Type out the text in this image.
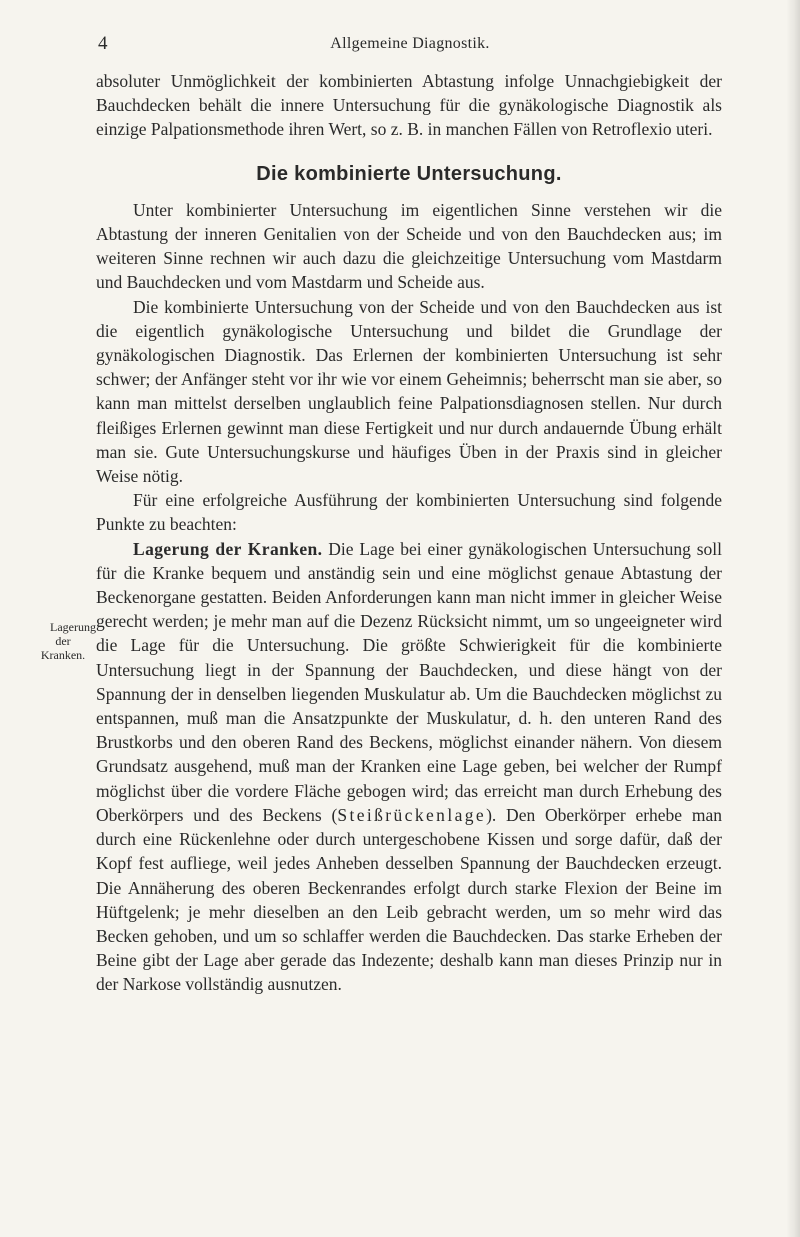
4	Allgemeine Diagnostik.
Lagerung
der
Kranken.

absoluter Unmöglichkeit der kombinierten Abtastung infolge Unnachgiebigkeit der Bauchdecken behält die innere Untersuchung für die gynäkologische Diagnostik als einzige Palpationsmethode ihren Wert, so z. B. in manchen Fällen von Retroflexio uteri.

Die kombinierte Untersuchung.

Unter kombinierter Untersuchung im eigentlichen Sinne verstehen wir die Abtastung der inneren Genitalien von der Scheide und von den Bauchdecken aus; im weiteren Sinne rechnen wir auch dazu die gleichzeitige Untersuchung vom Mastdarm und Bauchdecken und vom Mastdarm und Scheide aus.

Die kombinierte Untersuchung von der Scheide und von den Bauchdecken aus ist die eigentlich gynäkologische Untersuchung und bildet die Grundlage der gynäkologischen Diagnostik. Das Erlernen der kombinierten Untersuchung ist sehr schwer; der Anfänger steht vor ihr wie vor einem Geheimnis; beherrscht man sie aber, so kann man mittelst derselben unglaublich feine Palpationsdiagnosen stellen. Nur durch fleißiges Erlernen gewinnt man diese Fertigkeit und nur durch andauernde Übung erhält man sie. Gute Untersuchungskurse und häufiges Üben in der Praxis sind in gleicher Weise nötig.

Für eine erfolgreiche Ausführung der kombinierten Untersuchung sind folgende Punkte zu beachten:

Lagerung der Kranken. Die Lage bei einer gynäkologischen Untersuchung soll für die Kranke bequem und anständig sein und eine möglichst genaue Abtastung der Beckenorgane gestatten. Beiden Anforderungen kann man nicht immer in gleicher Weise gerecht werden; je mehr man auf die Dezenz Rücksicht nimmt, um so ungeeigneter wird die Lage für die Untersuchung. Die größte Schwierigkeit für die kombinierte Untersuchung liegt in der Spannung der Bauchdecken, und diese hängt von der Spannung der in denselben liegenden Muskulatur ab. Um die Bauchdecken möglichst zu entspannen, muß man die Ansatzpunkte der Muskulatur, d. h. den unteren Rand des Brustkorbs und den oberen Rand des Beckens, möglichst einander nähern. Von diesem Grundsatz ausgehend, muß man der Kranken eine Lage geben, bei welcher der Rumpf möglichst über die vordere Fläche gebogen wird; das erreicht man durch Erhebung des Oberkörpers und des Beckens (Steißrückenlage). Den Oberkörper erhebe man durch eine Rückenlehne oder durch untergeschobene Kissen und sorge dafür, daß der Kopf fest aufliege, weil jedes Anheben desselben Spannung der Bauchdecken erzeugt. Die Annäherung des oberen Beckenrandes erfolgt durch starke Flexion der Beine im Hüftgelenk; je mehr dieselben an den Leib gebracht werden, um so mehr wird das Becken gehoben, und um so schlaffer werden die Bauchdecken. Das starke Erheben der Beine gibt der Lage aber gerade das Indezente; deshalb kann man dieses Prinzip nur in der Narkose vollständig ausnutzen.
